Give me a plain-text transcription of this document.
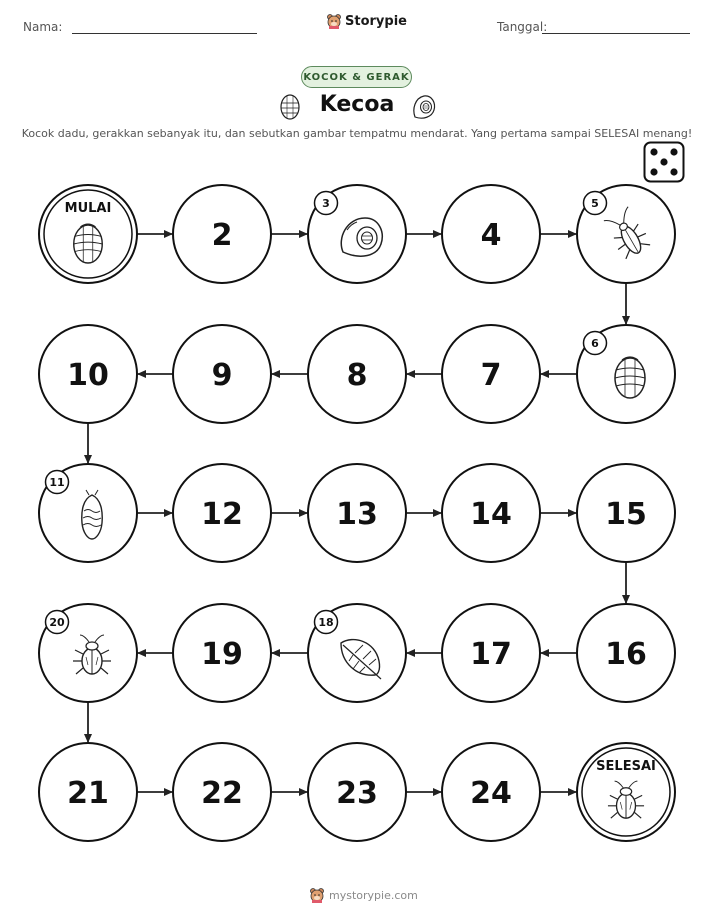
Nama:	Storypie	Tanggal:
KOCOK & GERAK
Kecoa
Kocok dadu, gerakkan sebanyak itu, dan sebutkan gambar tempatmu mendarat. Yang pertama sampai SELESAI menang!
MULAI
2
3
4
5
6
7
8
9
10
11
12	13	14	15
16
17
18
19
20
21	22	23	24
SELESAI
mystorypie.com
